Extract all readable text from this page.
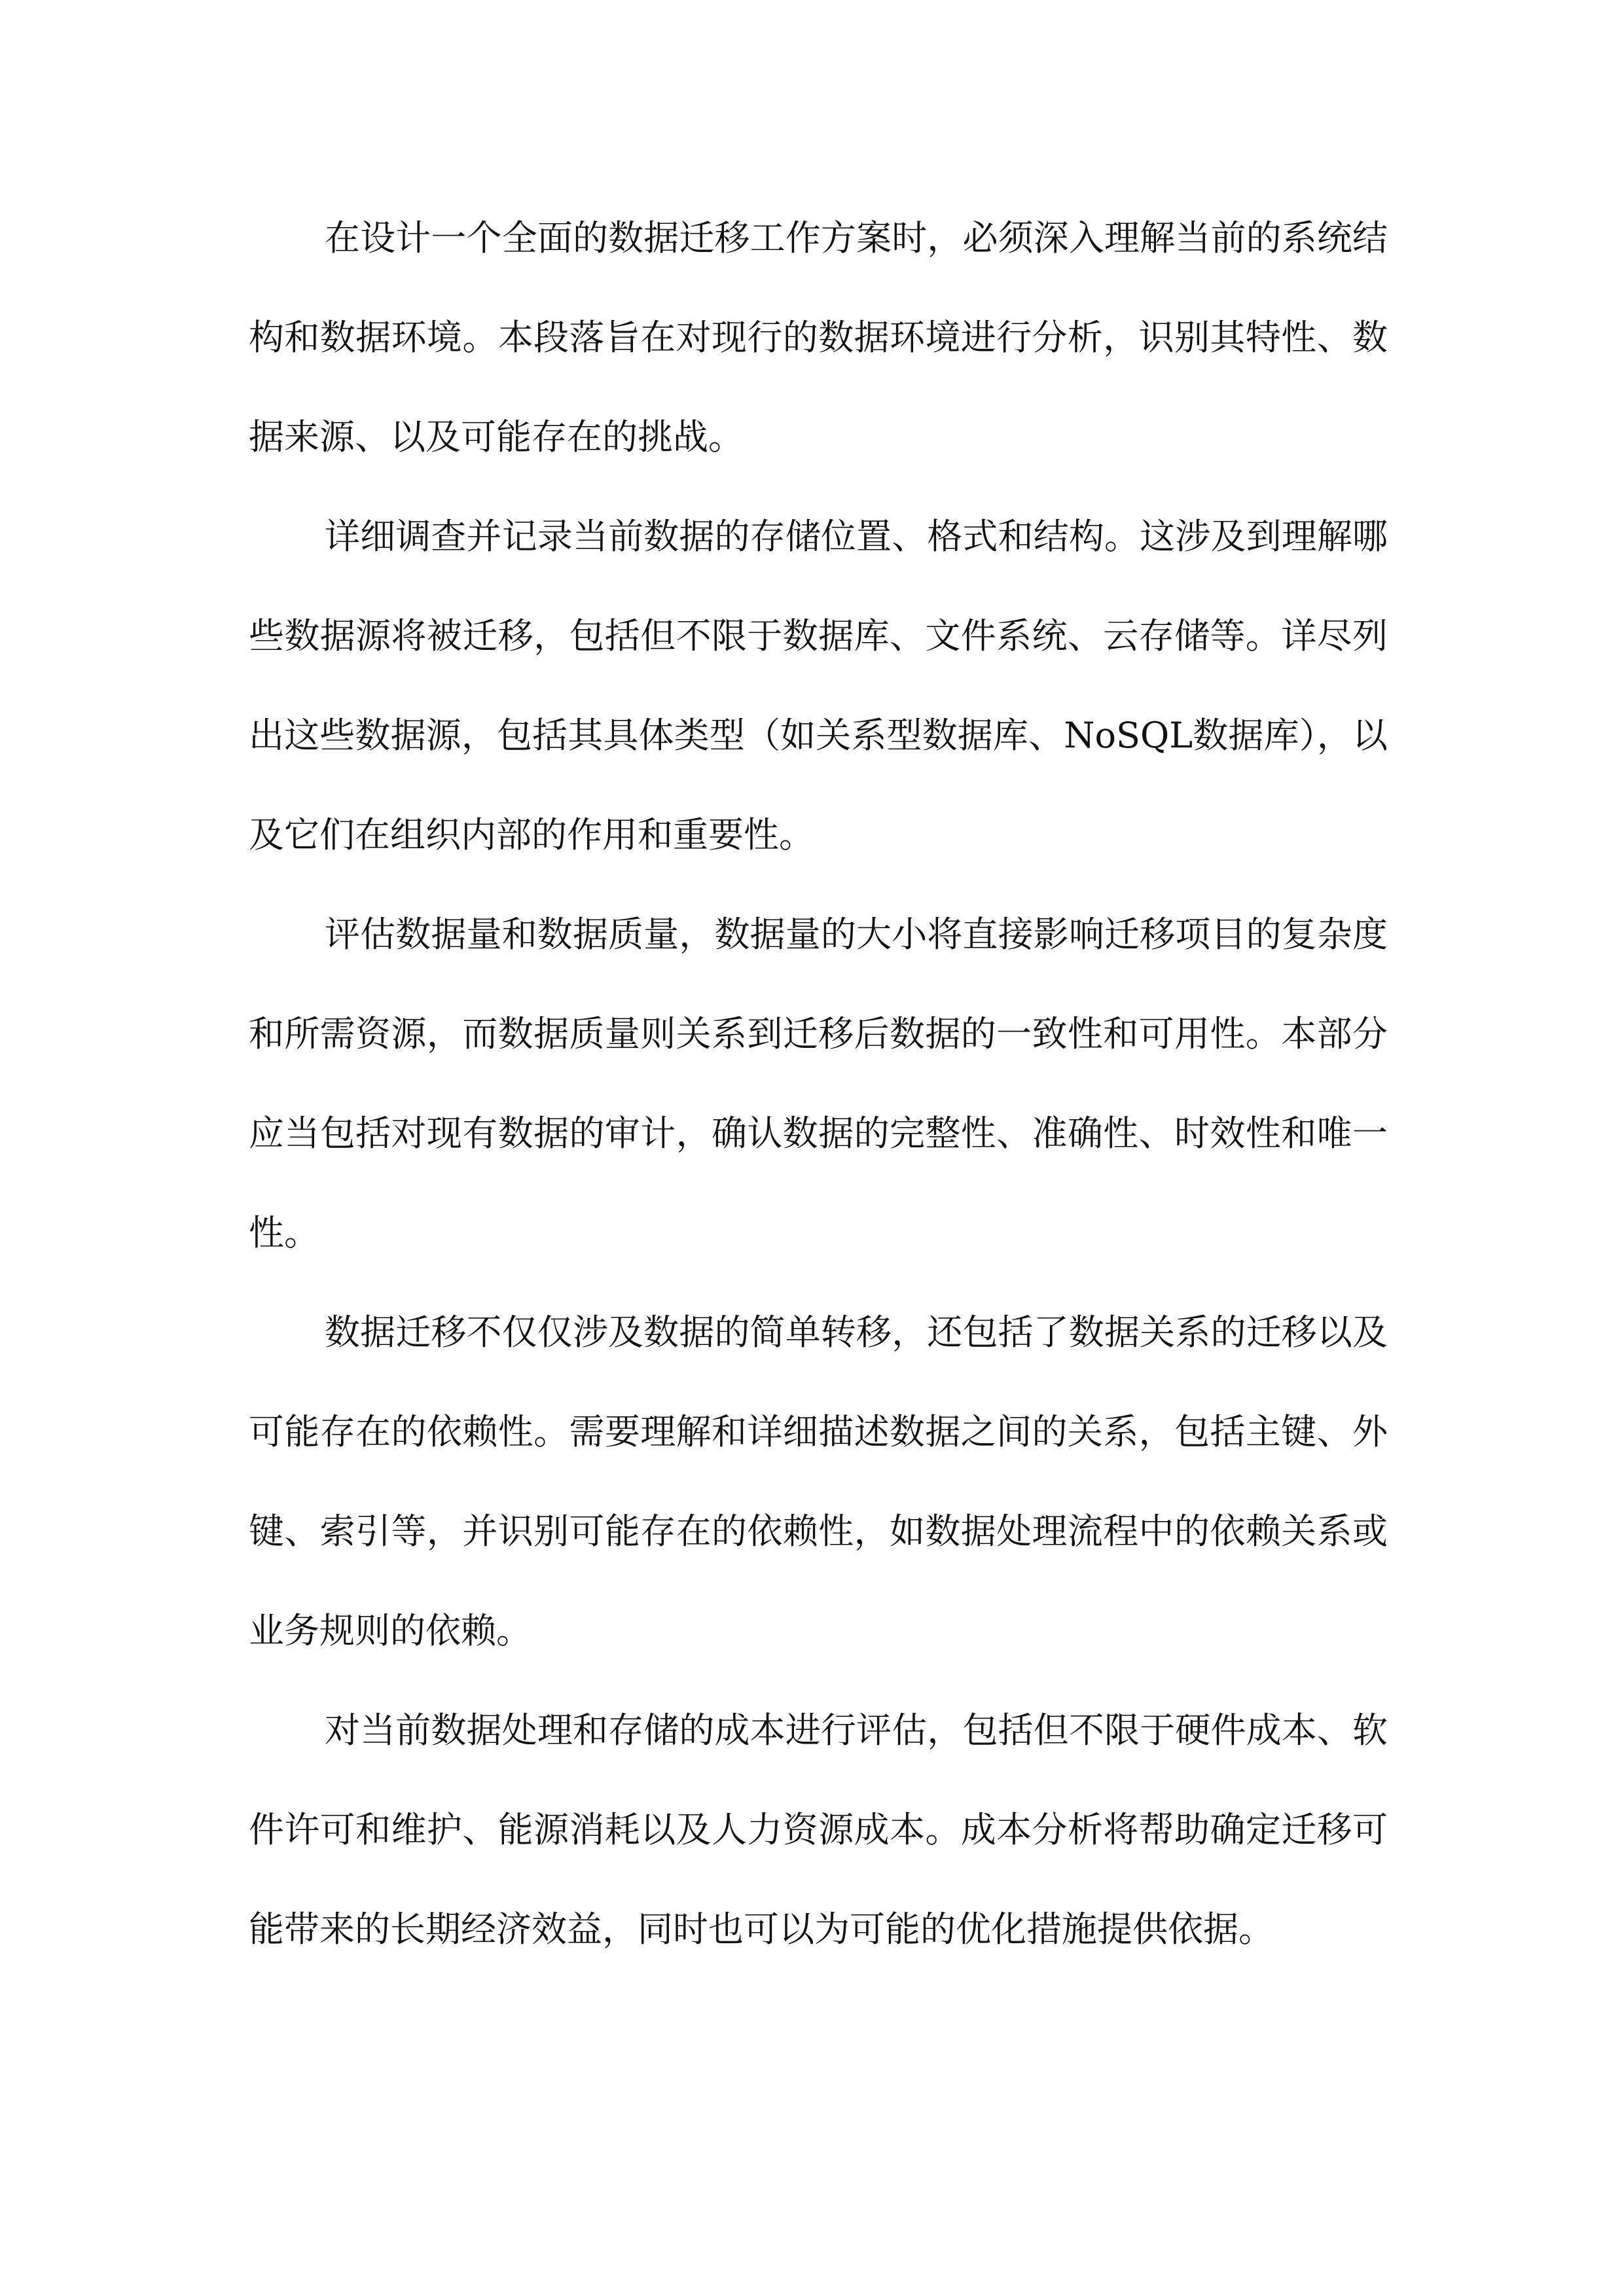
在设计一个全面的数据迁移工作方案时，必须深入理解当前的系统结构和数据环境。本段落旨在对现行的数据环境进行分析，识别其特性、数据来源、以及可能存在的挑战。

详细调查并记录当前数据的存储位置、格式和结构。这涉及到理解哪些数据源将被迁移，包括但不限于数据库、文件系统、云存储等。详尽列出这些数据源，包括其具体类型（如关系型数据库、NoSQL数据库），以及它们在组织内部的作用和重要性。

评估数据量和数据质量，数据量的大小将直接影响迁移项目的复杂度和所需资源，而数据质量则关系到迁移后数据的一致性和可用性。本部分应当包括对现有数据的审计，确认数据的完整性、准确性、时效性和唯一性。

数据迁移不仅仅涉及数据的简单转移，还包括了数据关系的迁移以及可能存在的依赖性。需要理解和详细描述数据之间的关系，包括主键、外键、索引等，并识别可能存在的依赖性，如数据处理流程中的依赖关系或业务规则的依赖。

对当前数据处理和存储的成本进行评估，包括但不限于硬件成本、软件许可和维护、能源消耗以及人力资源成本。成本分析将帮助确定迁移可能带来的长期经济效益，同时也可以为可能的优化措施提供依据。
